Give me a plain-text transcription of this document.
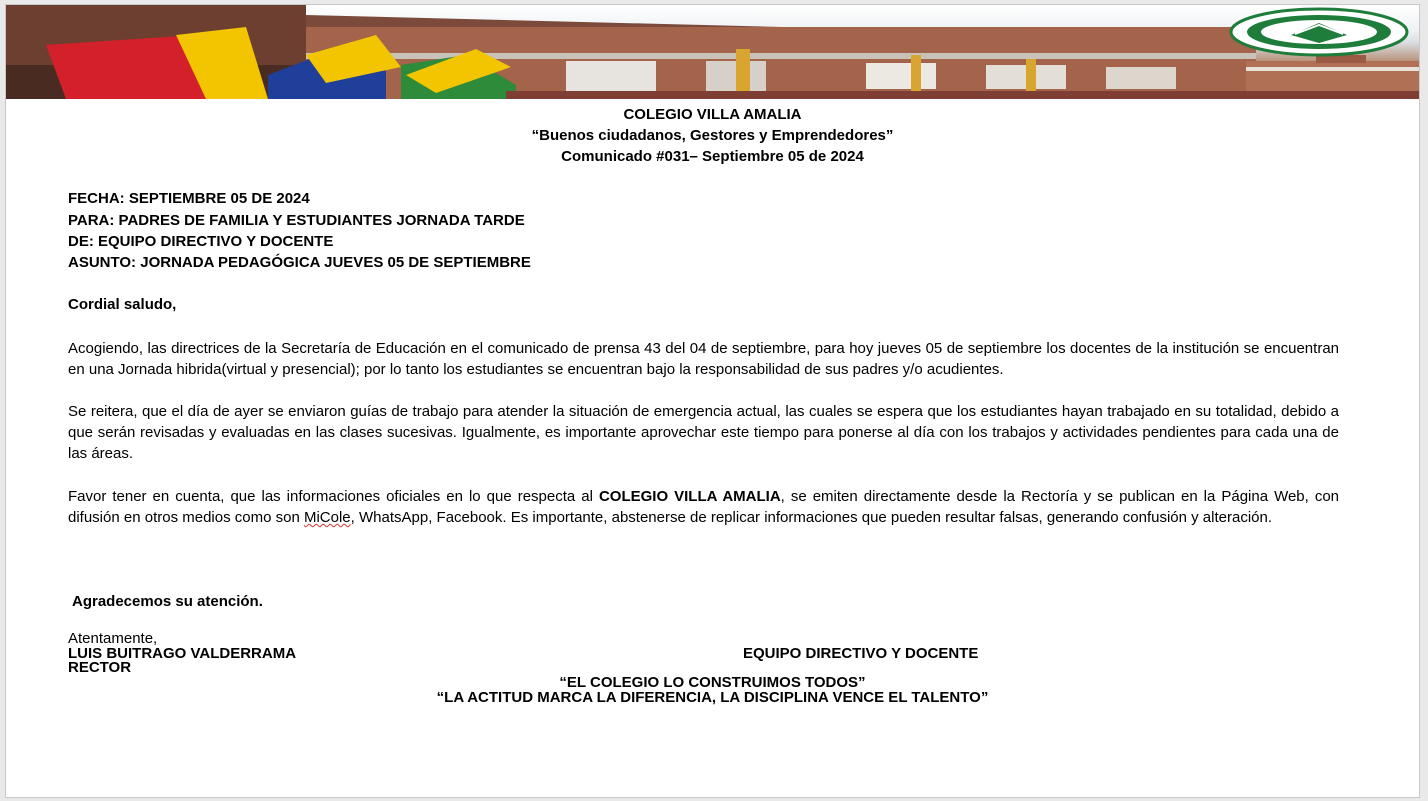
COLEGIO VILLA AMALIA
“Buenos ciudadanos, Gestores y Emprendedores”
Comunicado #031– Septiembre 05 de 2024
FECHA: SEPTIEMBRE 05 DE 2024
PARA: PADRES DE FAMILIA Y ESTUDIANTES JORNADA TARDE
DE: EQUIPO DIRECTIVO Y DOCENTE
ASUNTO: JORNADA PEDAGÓGICA JUEVES 05 DE SEPTIEMBRE
Cordial saludo,
Acogiendo, las directrices de la Secretaría de Educación en el comunicado de prensa 43 del 04 de septiembre, para hoy jueves 05 de septiembre los docentes de la institución se encuentran en una Jornada hibrida(virtual y presencial); por lo tanto los estudiantes se encuentran bajo la responsabilidad de sus padres y/o acudientes.
Se reitera, que el día de ayer se enviaron guías de trabajo para atender la situación de emergencia actual, las cuales se espera que los estudiantes hayan trabajado en su totalidad, debido a que serán revisadas y evaluadas en las clases sucesivas. Igualmente, es importante aprovechar este tiempo para ponerse al día con los trabajos y actividades pendientes para cada una de las áreas.
Favor tener en cuenta, que las informaciones oficiales en lo que respecta al COLEGIO VILLA AMALIA, se emiten directamente desde la Rectoría y se publican en la Página Web, con difusión en otros medios como son MiCole, WhatsApp, Facebook. Es importante, abstenerse de replicar informaciones que pueden resultar falsas, generando confusión y alteración.
Agradecemos su atención.
Atentamente,
LUIS BUITRAGO VALDERRAMA
RECTOR
EQUIPO DIRECTIVO Y DOCENTE
“EL COLEGIO LO CONSTRUIMOS TODOS”
“LA ACTITUD MARCA LA DIFERENCIA, LA DISCIPLINA VENCE EL TALENTO”
